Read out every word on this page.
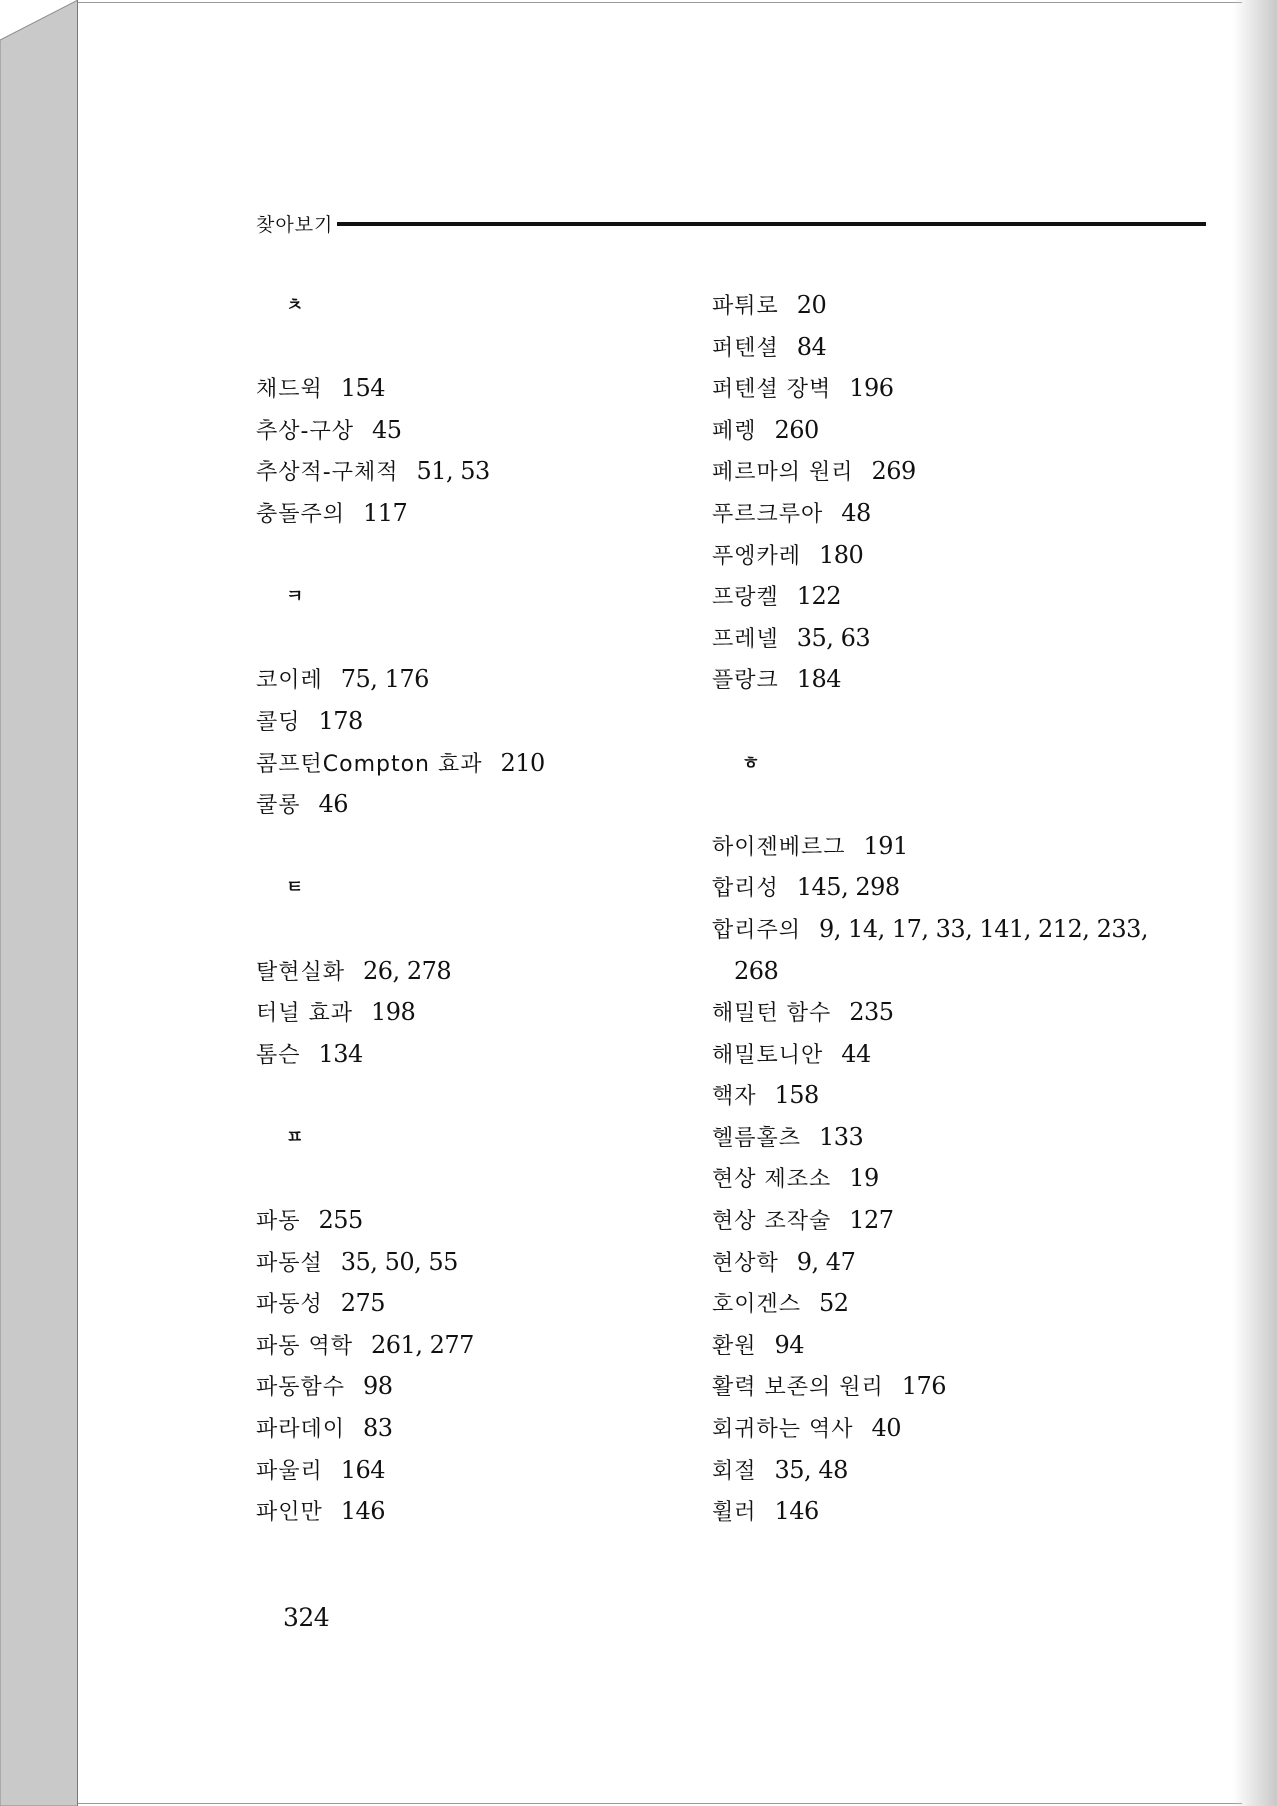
찾아보기
ㅊ
채드윅 154
추상-구상 45
추상적-구체적 51, 53
충돌주의 117
ㅋ
코이레 75, 176
콜딩 178
콤프턴Compton 효과 210
쿨롱 46
ㅌ
탈현실화 26, 278
터널 효과 198
톰슨 134
ㅍ
파동 255
파동설 35, 50, 55
파동성 275
파동 역학 261, 277
파동함수 98
파라데이 83
파울리 164
파인만 146
파튀로 20
퍼텐셜 84
퍼텐셜 장벽 196
페렝 260
페르마의 원리 269
푸르크루아 48
푸엥카레 180
프랑켈 122
프레넬 35, 63
플랑크 184
ㅎ
하이젠베르그 191
합리성 145, 298
합리주의 9, 14, 17, 33, 141, 212, 233,
268
해밀턴 함수 235
해밀토니안 44
핵자 158
헬름홀츠 133
현상 제조소 19
현상 조작술 127
현상학 9, 47
호이겐스 52
환원 94
활력 보존의 원리 176
회귀하는 역사 40
회절 35, 48
휠러 146
324
